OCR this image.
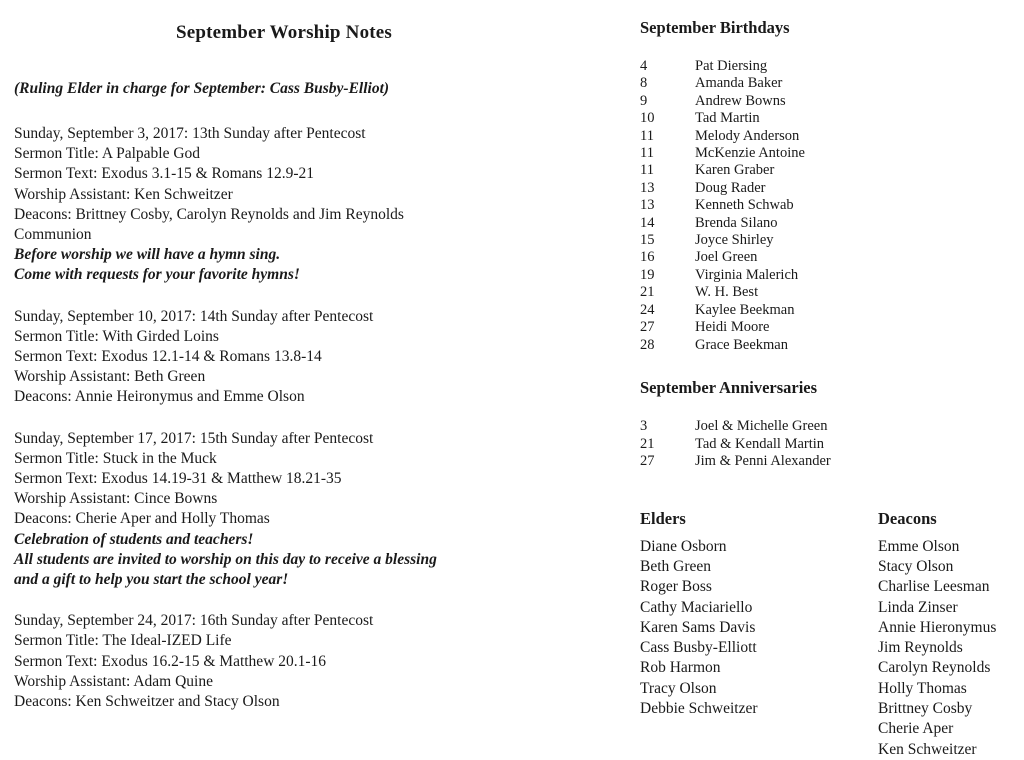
September Worship Notes

(Ruling Elder in charge for September: Cass Busby-Elliot)

Sunday, September 3, 2017: 13th Sunday after Pentecost
Sermon Title: A Palpable God
Sermon Text: Exodus 3.1-15 & Romans 12.9-21
Worship Assistant: Ken Schweitzer
Deacons: Brittney Cosby, Carolyn Reynolds and Jim Reynolds
Communion
Before worship we will have a hymn sing.
Come with requests for your favorite hymns!
Sunday, September 10, 2017: 14th Sunday after Pentecost
Sermon Title: With Girded Loins
Sermon Text: Exodus 12.1-14 & Romans 13.8-14
Worship Assistant: Beth Green
Deacons: Annie Heironymus and Emme Olson
Sunday, September 17, 2017: 15th Sunday after Pentecost
Sermon Title: Stuck in the Muck
Sermon Text: Exodus 14.19-31 & Matthew 18.21-35
Worship Assistant: Cince Bowns
Deacons: Cherie Aper and Holly Thomas
Celebration of students and teachers!
All students are invited to worship on this day to receive a blessing
and a gift to help you start the school year!
Sunday, September 24, 2017: 16th Sunday after Pentecost
Sermon Title: The Ideal-IZED Life
Sermon Text: Exodus 16.2-15 & Matthew 20.1-16
Worship Assistant: Adam Quine
Deacons: Ken Schweitzer and Stacy Olson
September Birthdays
4	Pat Diersing
8	Amanda Baker
9	Andrew Bowns
10	Tad Martin
11	Melody Anderson
11	McKenzie Antoine
11	Karen Graber
13	Doug Rader
13	Kenneth Schwab
14	Brenda Silano
15	Joyce Shirley
16	Joel Green
19	Virginia Malerich
21	W. H. Best
24	Kaylee Beekman
27	Heidi Moore
28	Grace Beekman
September Anniversaries
3	Joel & Michelle Green
21	Tad & Kendall Martin
27	Jim & Penni Alexander
Elders
Diane Osborn
Beth Green
Roger Boss
Cathy Maciariello
Karen Sams Davis
Cass Busby-Elliott
Rob Harmon
Tracy Olson
Debbie Schweitzer
Deacons
Emme Olson
Stacy Olson
Charlise Leesman
Linda Zinser
Annie Hieronymus
Jim Reynolds
Carolyn Reynolds
Holly Thomas
Brittney Cosby
Cherie Aper
Ken Schweitzer
